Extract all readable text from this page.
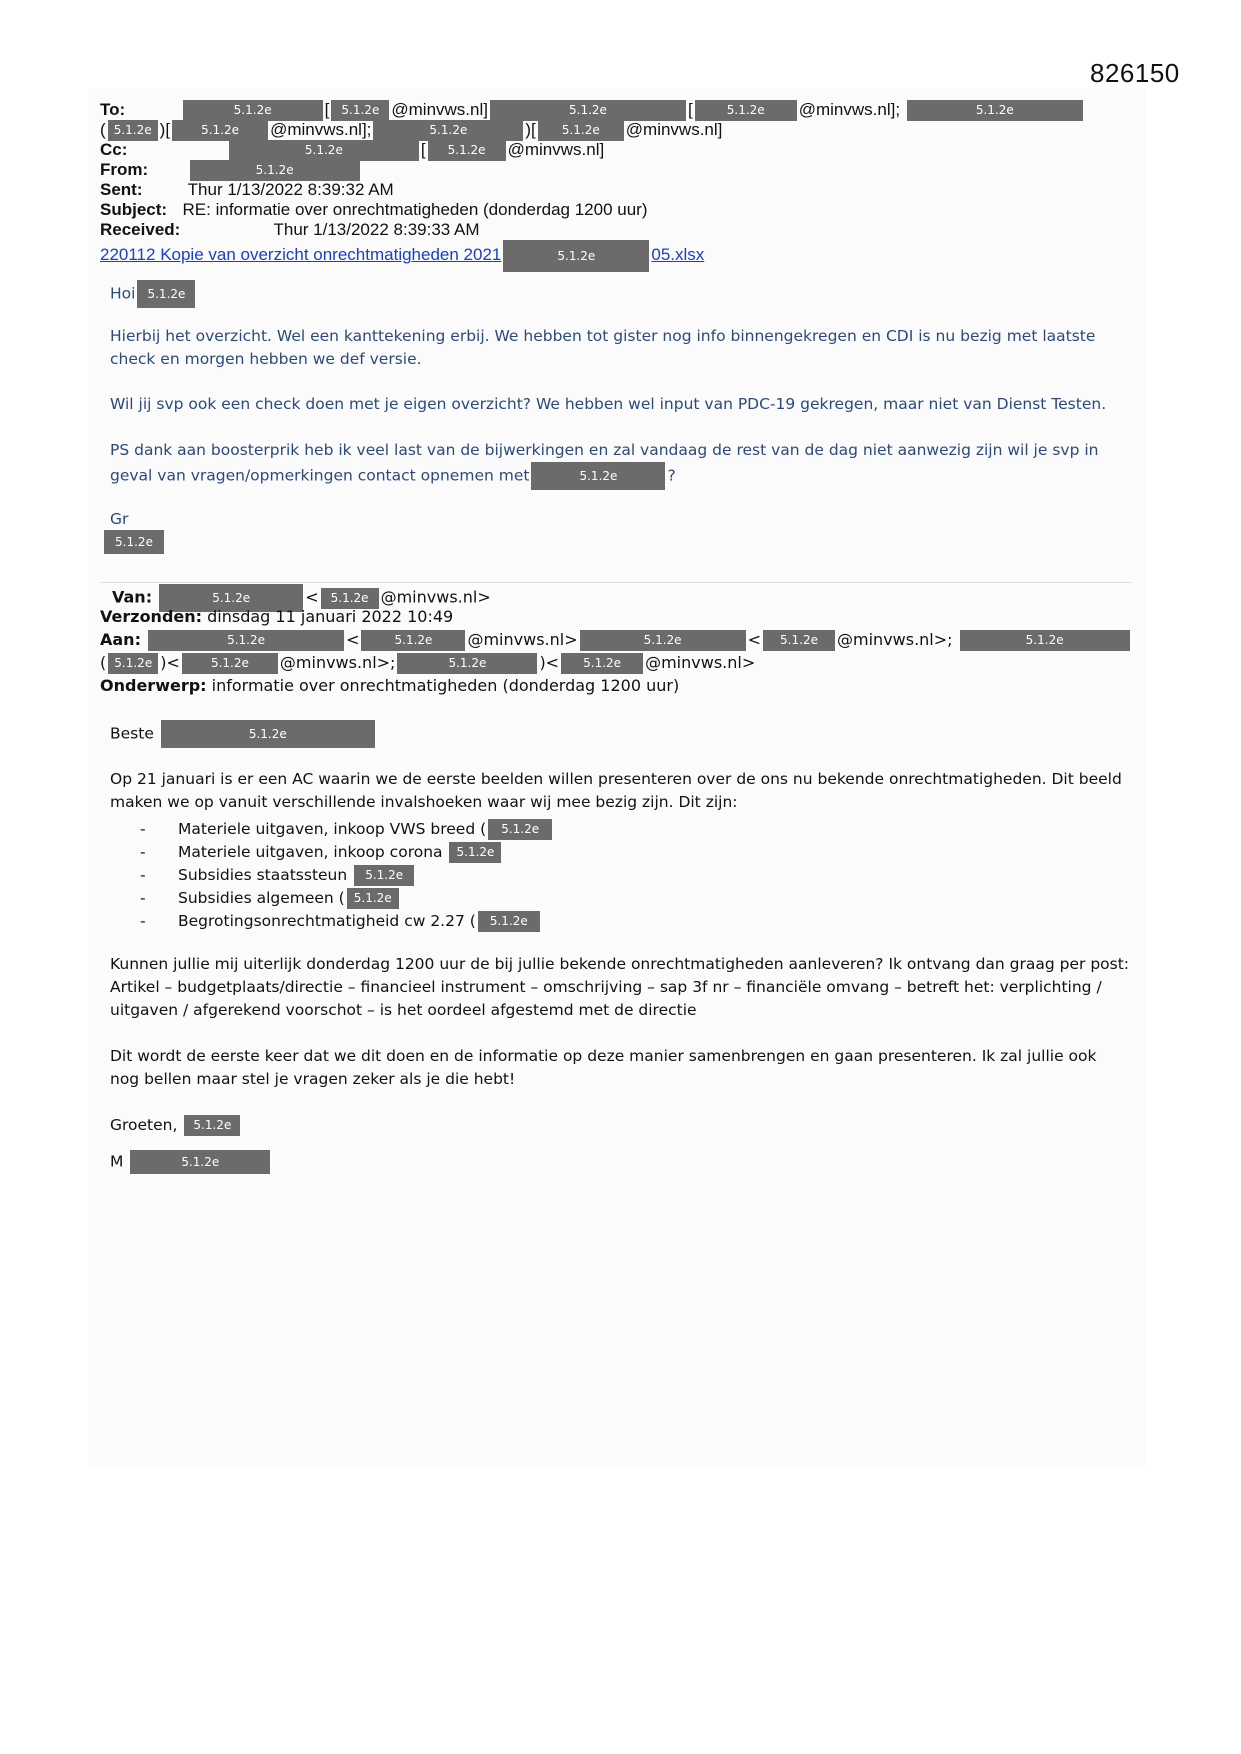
826150
To:	5.1.2e	[ 5.1.2e @minvws.nl]	5.1.2e	[	5.1.2e @minvws.nl];	5.1.2e
( 5.1.2e )[	5.1.2e @minvws.nl];	5.1.2e	)[ 5.1.2e @minvws.nl]
Cc:	5.1.2e	[ 5.1.2e @minvws.nl]
From:	5.1.2e
Sent:	Thur 1/13/2022 8:39:32 AM
Subject: RE: informatie over onrechtmatigheden (donderdag 1200 uur)
Received:	Thur 1/13/2022 8:39:33 AM
220112 Kopie van overzicht onrechtmatigheden 2021	5.1.2e	05.xlsx
Hoi 5.1.2e
Hierbij het overzicht. Wel een kanttekening erbij. We hebben tot gister nog info binnengekregen en CDI is nu bezig met laatste check en morgen hebben we def versie.
Wil jij svp ook een check doen met je eigen overzicht? We hebben wel input van PDC-19 gekregen, maar niet van Dienst Testen.
PS dank aan boosterprik heb ik veel last van de bijwerkingen en zal vandaag de rest van de dag niet aanwezig zijn wil je svp in geval van vragen/opmerkingen contact opnemen met	5.1.2e	?
Gr
5.1.2e
Van:	5.1.2e	< 5.1.2e @minvws.nl>
Verzonden: dinsdag 11 januari 2022 10:49
Aan:	5.1.2e	<	5.1.2e @minvws.nl>	5.1.2e	< 5.1.2e @minvws.nl>;	5.1.2e
( 5.1.2e )<	5.1.2e @minvws.nl>;	5.1.2e	)< 5.1.2e @minvws.nl>
Onderwerp: informatie over onrechtmatigheden (donderdag 1200 uur)
Beste	5.1.2e
Op 21 januari is er een AC waarin we de eerste beelden willen presenteren over de ons nu bekende onrechtmatigheden. Dit beeld maken we op vanuit verschillende invalshoeken waar wij mee bezig zijn. Dit zijn:
-	Materiele uitgaven, inkoop VWS breed (	5.1.2e
-	Materiele uitgaven, inkoop corona
	5.1.2e
-	Subsidies staatssteun
	5.1.2e
-	Subsidies algemeen ( 5.1.2e
-	Begrotingsonrechtmatigheid cw 2.27 (	5.1.2e
Kunnen jullie mij uiterlijk donderdag 1200 uur de bij jullie bekende onrechtmatigheden aanleveren? Ik ontvang dan graag per post: Artikel – budgetplaats/directie – financieel instrument – omschrijving – sap 3f nr – financiële omvang – betreft het: verplichting / uitgaven / afgerekend voorschot – is het oordeel afgestemd met de directie
Dit wordt de eerste keer dat we dit doen en de informatie op deze manier samenbrengen en gaan presenteren. Ik zal jullie ook nog bellen maar stel je vragen zeker als je die hebt!
Groeten, 5.1.2e
M	5.1.2e
